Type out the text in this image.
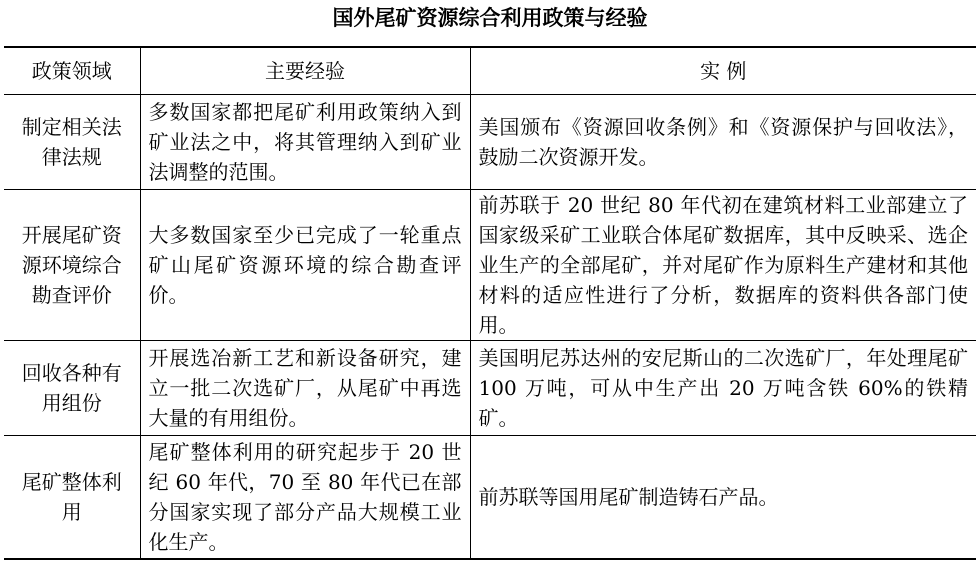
国外尾矿资源综合利用政策与经验
政策领域	主要经验	实 例
制定相关法律法规	多数国家都把尾矿利用政策纳入到矿业法之中，将其管理纳入到矿业法调整的范围。	美国颁布《资源回收条例》和《资源保护与回收法》，鼓励二次资源开发。
开展尾矿资源环境综合勘查评价	大多数国家至少已完成了一轮重点矿山尾矿资源环境的综合勘查评价。	前苏联于 20 世纪 80 年代初在建筑材料工业部建立了国家级采矿工业联合体尾矿数据库，其中反映采、选企业生产的全部尾矿，并对尾矿作为原料生产建材和其他材料的适应性进行了分析，数据库的资料供各部门使用。
回收各种有用组份	开展选冶新工艺和新设备研究，建立一批二次选矿厂，从尾矿中再选大量的有用组份。	美国明尼苏达州的安尼斯山的二次选矿厂，年处理尾矿 100 万吨，可从中生产出 20 万吨含铁 60%的铁精矿。
尾矿整体利用	尾矿整体利用的研究起步于 20 世纪 60 年代，70 至 80 年代已在部分国家实现了部分产品大规模工业化生产。	前苏联等国用尾矿制造铸石产品。
